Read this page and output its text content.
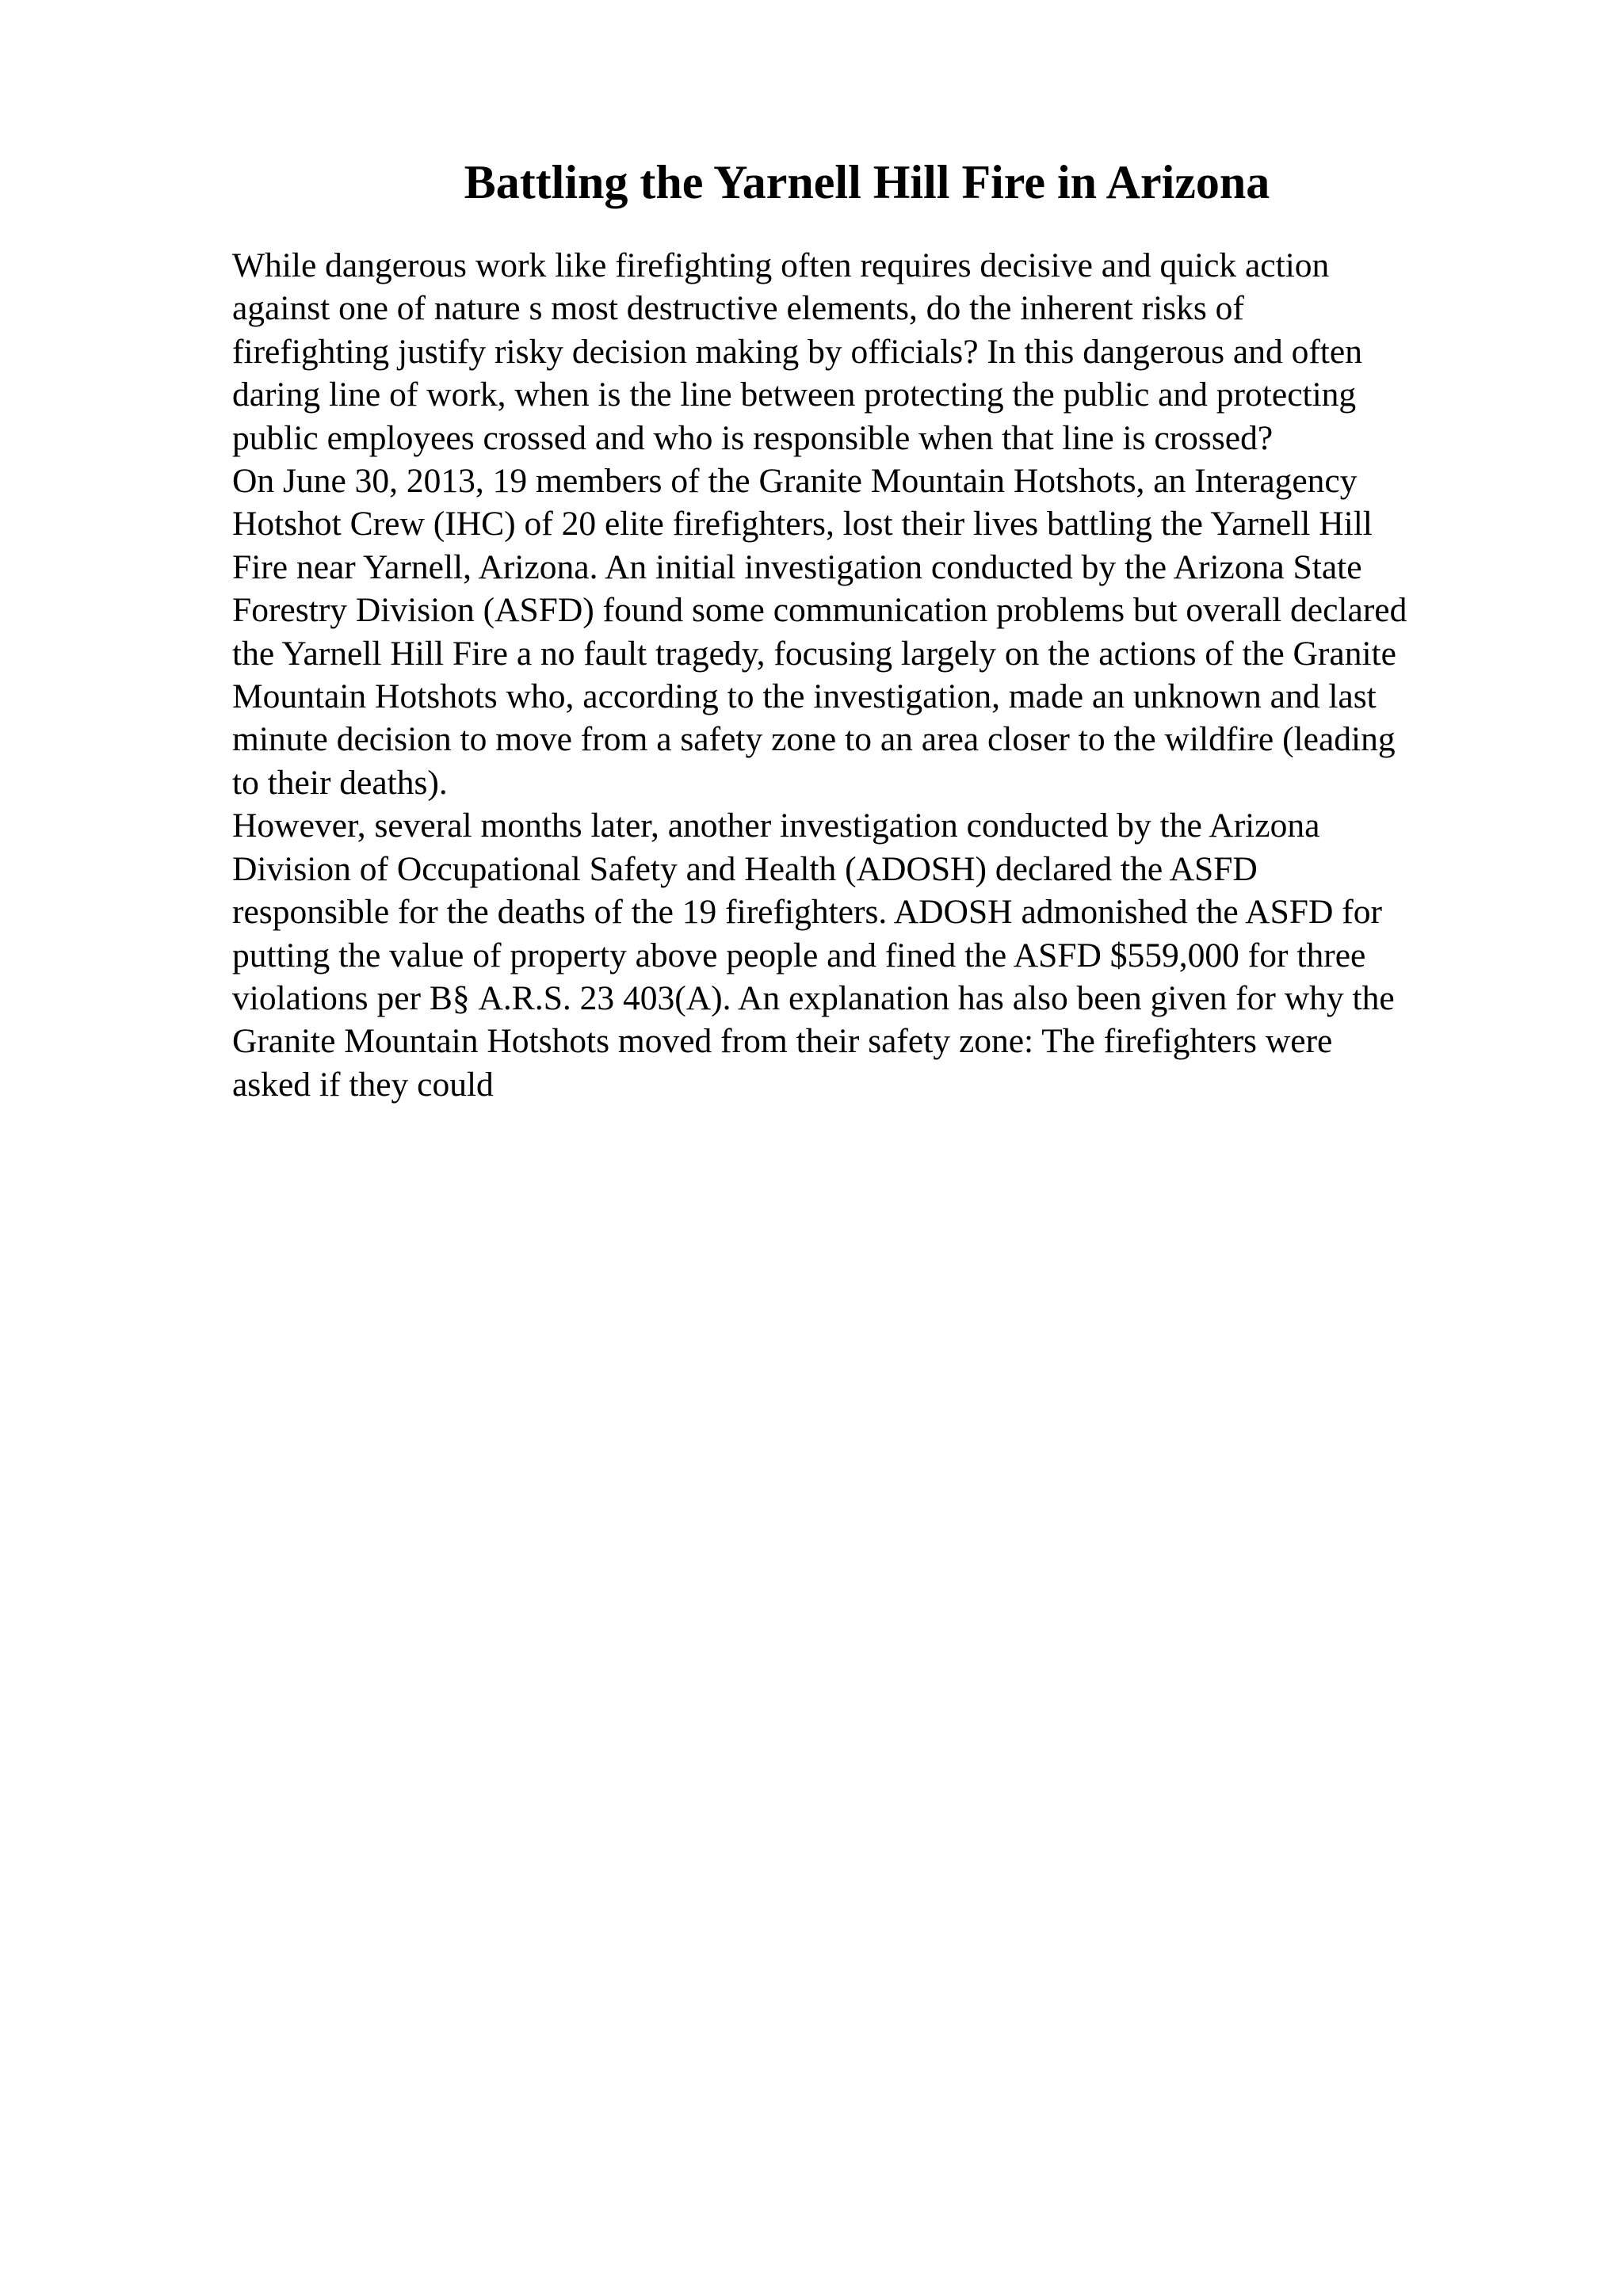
Battling the Yarnell Hill Fire in Arizona
While dangerous work like firefighting often requires decisive and quick action
against one of nature s most destructive elements, do the inherent risks of
firefighting justify risky decision making by officials? In this dangerous and often
daring line of work, when is the line between protecting the public and protecting
public employees crossed and who is responsible when that line is crossed?
On June 30, 2013, 19 members of the Granite Mountain Hotshots, an Interagency
Hotshot Crew (IHC) of 20 elite firefighters, lost their lives battling the Yarnell Hill
Fire near Yarnell, Arizona. An initial investigation conducted by the Arizona State
Forestry Division (ASFD) found some communication problems but overall declared
the Yarnell Hill Fire a no fault tragedy, focusing largely on the actions of the Granite
Mountain Hotshots who, according to the investigation, made an unknown and last
minute decision to move from a safety zone to an area closer to the wildfire (leading
to their deaths).
However, several months later, another investigation conducted by the Arizona
Division of Occupational Safety and Health (ADOSH) declared the ASFD
responsible for the deaths of the 19 firefighters. ADOSH admonished the ASFD for
putting the value of property above people and fined the ASFD $559,000 for three
violations per В§ A.R.S. 23 403(A). An explanation has also been given for why the
Granite Mountain Hotshots moved from their safety zone: The firefighters were
asked if they could
